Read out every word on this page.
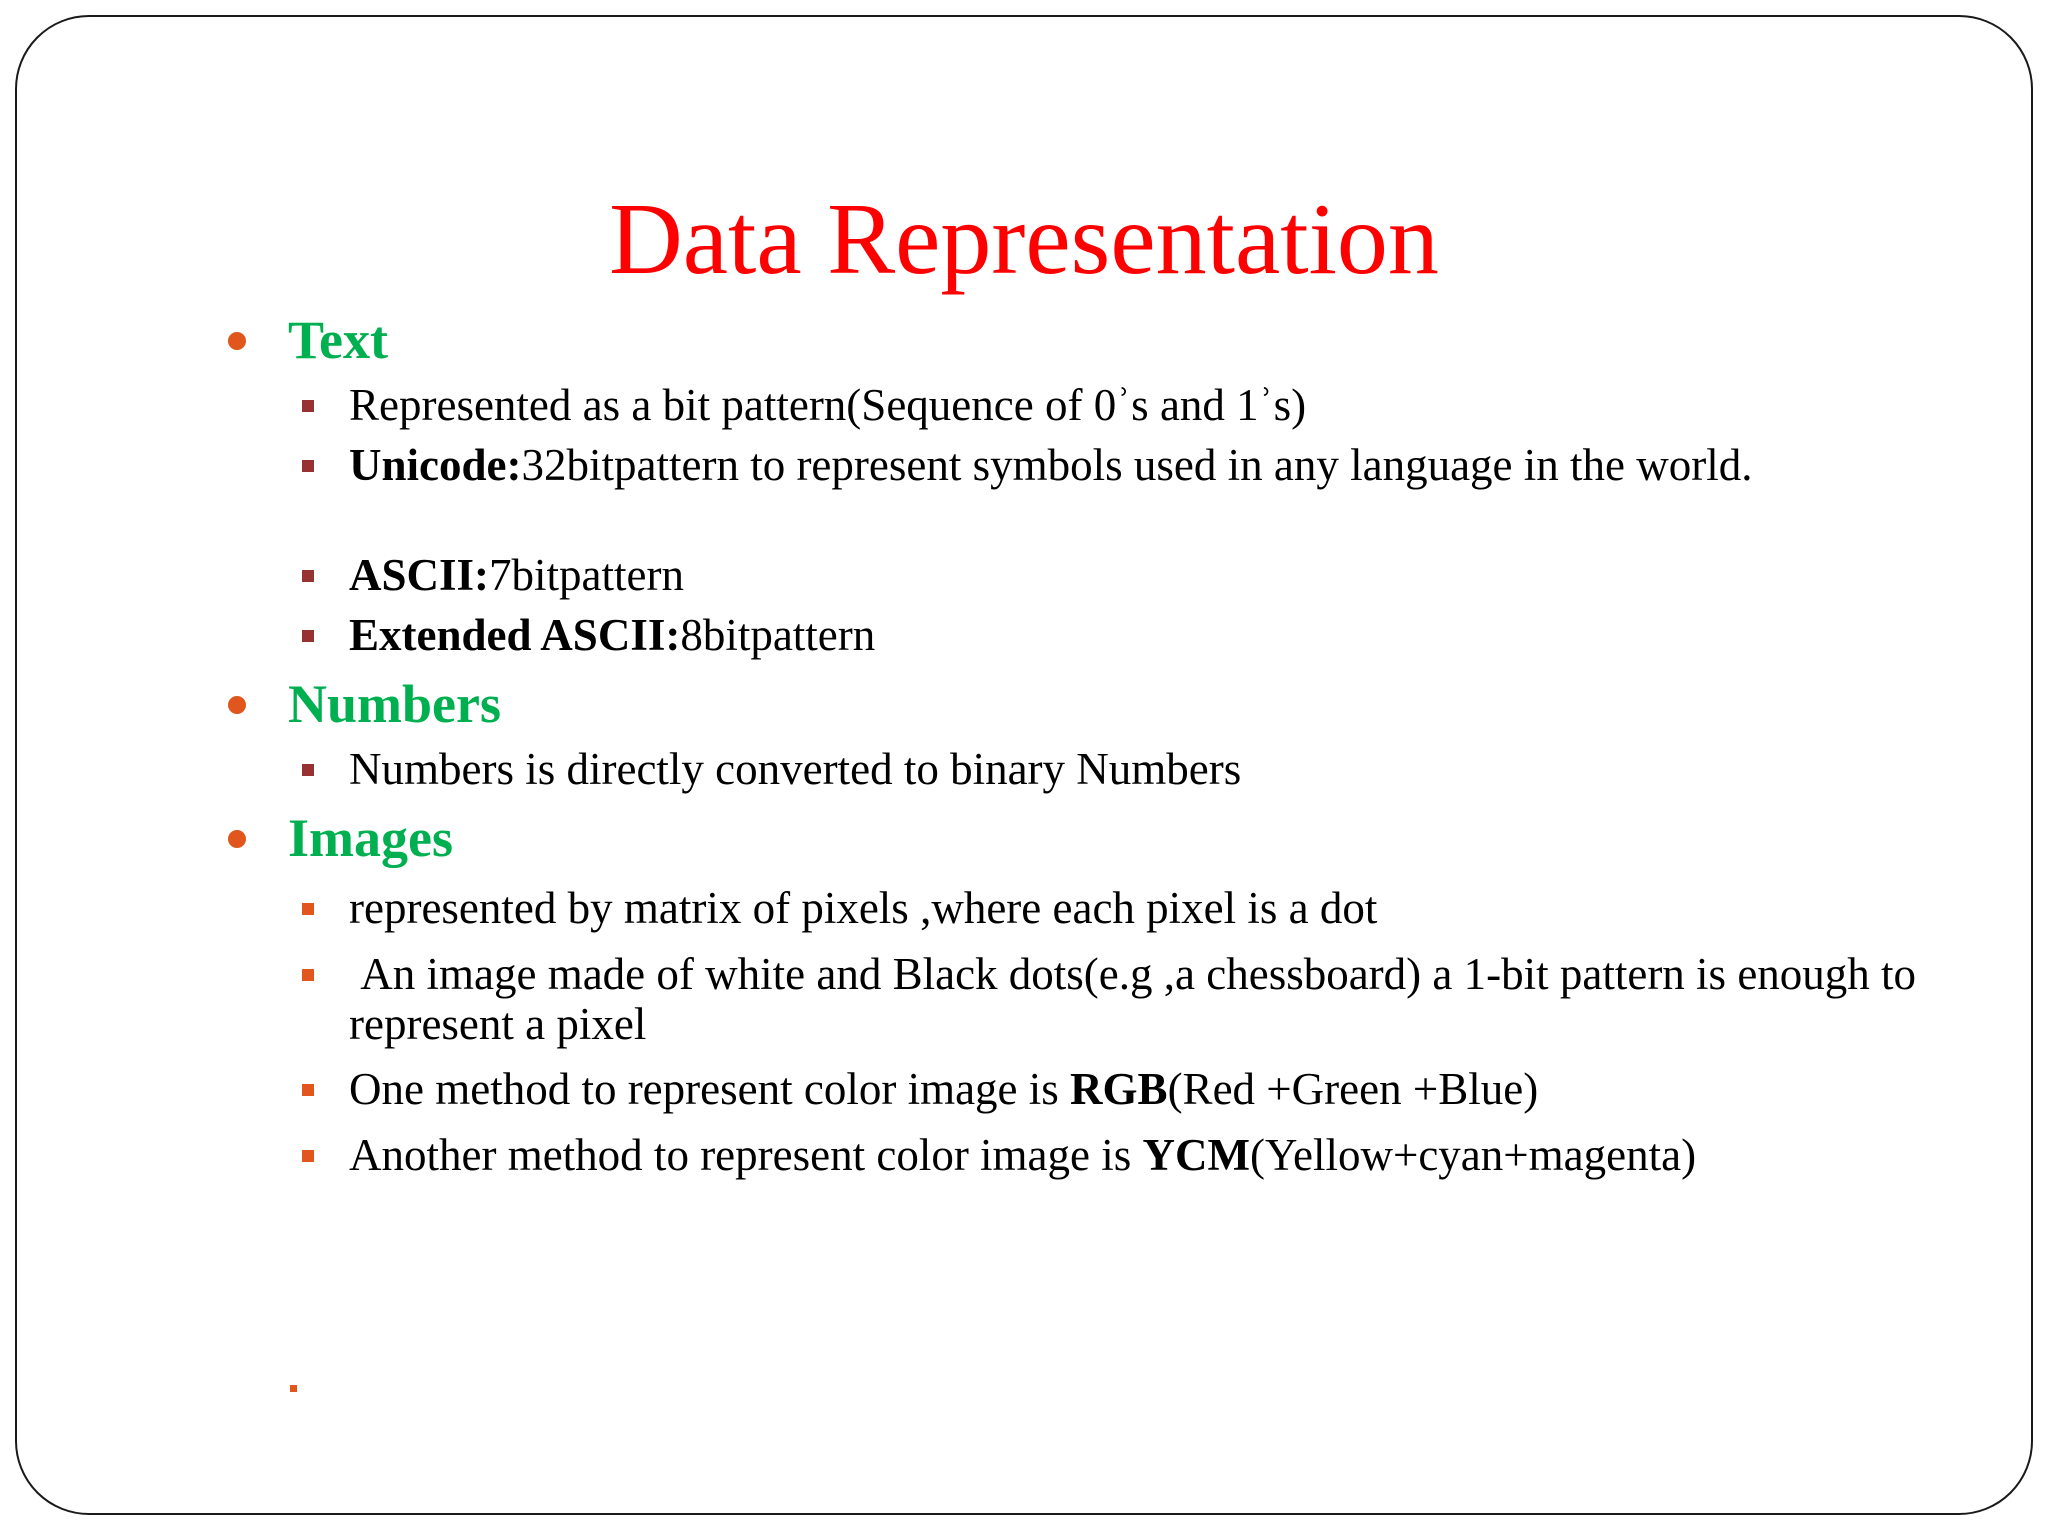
Data Representation
Text
Represented as a bit pattern(Sequence of 0ʾs and 1ʾs)
Unicode:32bitpattern to represent symbols used in any language in the world.
ASCII:7bitpattern
Extended ASCII:8bitpattern
Numbers
Numbers is directly converted to binary Numbers
Images
represented by matrix of pixels ,where each pixel is a dot
An image made of white and Black dots(e.g ,a chessboard) a 1-bit pattern is enough to represent a pixel
One method to represent color image is RGB(Red +Green +Blue)
Another method to represent color image is YCM(Yellow+cyan+magenta)
